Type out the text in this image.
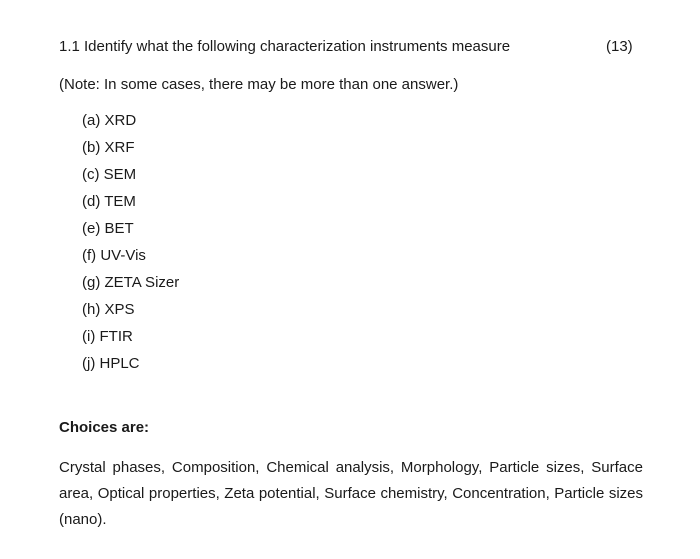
1.1 Identify what the following characterization instruments measure	(13)
(Note: In some cases, there may be more than one answer.)
(a) XRD
(b) XRF
(c) SEM
(d) TEM
(e) BET
(f) UV-Vis
(g) ZETA Sizer
(h) XPS
(i) FTIR
(j) HPLC
Choices are:
Crystal phases, Composition, Chemical analysis, Morphology, Particle sizes, Surface area, Optical properties, Zeta potential, Surface chemistry, Concentration, Particle sizes (nano).
